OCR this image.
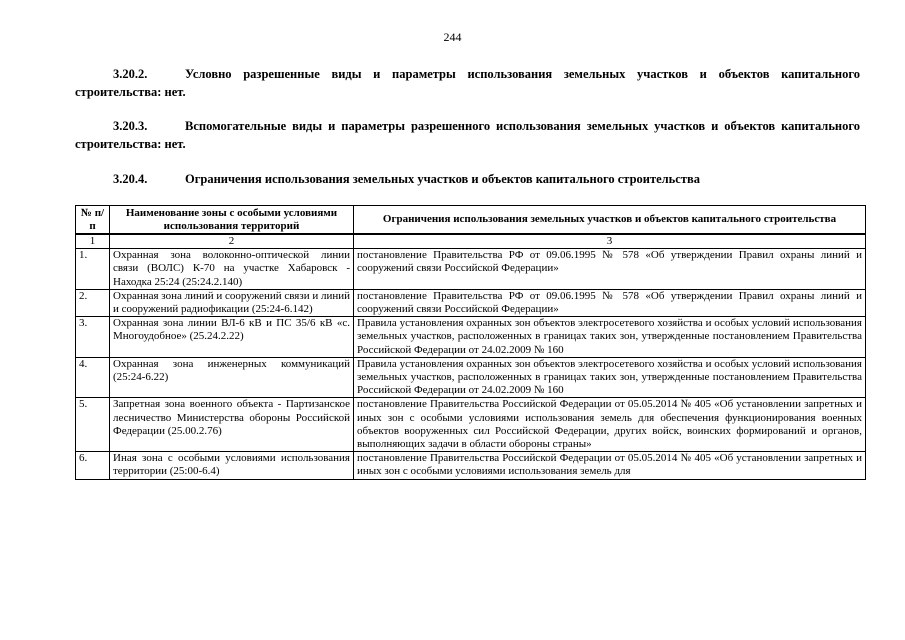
244
3.20.2.	Условно разрешенные виды и параметры использования земельных участков и объектов капитального строительства: нет.
3.20.3.	Вспомогательные виды и параметры разрешенного использования земельных участков и объектов капитального строительства: нет.
3.20.4.	Ограничения использования земельных участков и объектов капитального строительства
№ п/п	Наименование зоны с особыми условиями использования территорий	Ограничения использования земельных участков и объектов капитального строительства
1	2	3
1.	Охранная зона волоконно-оптической линии связи (ВОЛС) К-70 на участке Хабаровск - Находка 25:24 (25:24.2.140)	постановление Правительства РФ от 09.06.1995 № 578 «Об утверждении Правил охраны линий и сооружений связи Российской Федерации»
2.	Охранная зона линий и сооружений связи и линий и сооружений радиофикации (25:24-6.142)	постановление Правительства РФ от 09.06.1995 № 578 «Об утверждении Правил охраны линий и сооружений связи Российской Федерации»
3.	Охранная зона линии ВЛ-6 кВ и ПС 35/6 кВ «с. Многоудобное» (25.24.2.22)	Правила установления охранных зон объектов электросетевого хозяйства и особых условий использования земельных участков, расположенных в границах таких зон, утвержденные постановлением Правительства Российской Федерации от 24.02.2009 № 160
4.	Охранная зона инженерных коммуникаций (25:24-6.22)	Правила установления охранных зон объектов электросетевого хозяйства и особых условий использования земельных участков, расположенных в границах таких зон, утвержденные постановлением Правительства Российской Федерации от 24.02.2009 № 160
5.	Запретная зона военного объекта - Партизанское лесничество Министерства обороны Российской Федерации (25.00.2.76)	постановление Правительства Российской Федерации от 05.05.2014 № 405 «Об установлении запретных и иных зон с особыми условиями использования земель для обеспечения функционирования военных объектов вооруженных сил Российской Федерации, других войск, воинских формирований и органов, выполняющих задачи в области обороны страны»
6.	Иная зона с особыми условиями использования территории (25:00-6.4)	постановление Правительства Российской Федерации от 05.05.2014 № 405 «Об установлении запретных и иных зон с особыми условиями использования земель для
